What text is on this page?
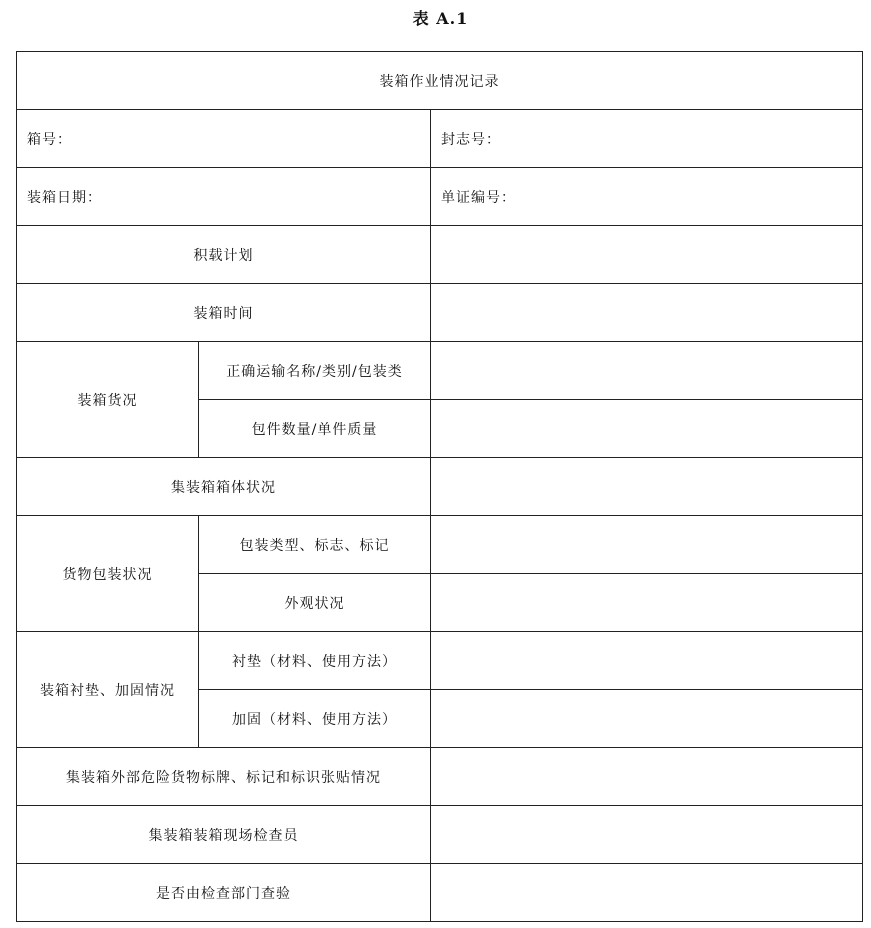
表 A.1
装箱作业情况记录		
箱号：		封志号：
装箱日期：		单证编号：
积载计划		
装箱时间		
装箱货况	正确运输名称/类别/包装类	
	包件数量/单件质量	
集装箱箱体状况		
货物包装状况	包装类型、标志、标记	
	外观状况	
装箱衬垫、加固情况	衬垫（材料、使用方法）	
	加固（材料、使用方法）	
集装箱外部危险货物标牌、标记和标识张贴情况		
集装箱装箱现场检查员		
是否由检查部门查验		
